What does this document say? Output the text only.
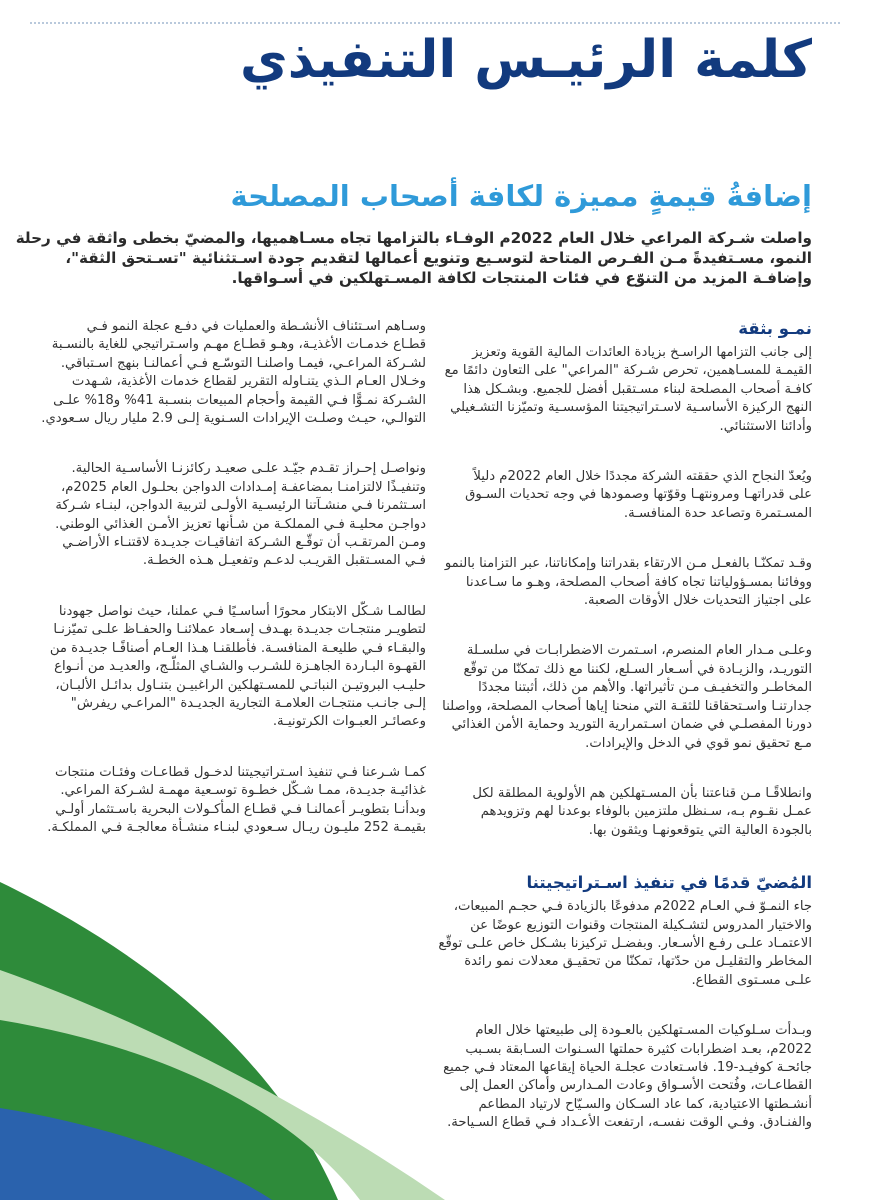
كلمة الرئيـس التنفيذي
إضافةُ قيمةٍ مميزة لكافة أصحاب المصلحة

واصلت شـركة المراعي خلال العام 2022م الوفـاء بالتزامها تجاه مسـاهميها، والمضيّ بخطى واثقة في رحلة
النمو، مسـتفيدةً مـن الفـرص المتاحة لتوسـيع وتنويع أعمالها لتقديم جودة اسـتثنائية "تسـتحق الثقة"،
وإضافـة المزيد من التنوّع في فئات المنتجات لكافة المسـتهلكين في أسـواقها.

نمـو بثقة

إلى جانب التزامها الراسـخ بزيادة العائدات المالية القوية وتعزيز
القيمـة للمسـاهمين، تحرص شـركة "المراعي" على التعاون دائمًا مع
كافـة أصحاب المصلحة لبناء مسـتقبل أفضل للجميع. وبشـكل هذا
النهج الركيزة الأساسـية لاسـتراتيجيتنا المؤسسـية وتميّزنا التشـغيلي
وأدائنا الاستثنائي.

ويُعدّ النجاح الذي حققته الشركة مجددًا خلال العام 2022م دليلاً
على قدراتهـا ومرونتهـا وقوّتها وصمودها في وجه تحديات السـوق
المسـتمرة وتصاعد حدة المنافسـة.

وقـد تمكنّـا بالفعـل مـن الارتقاء بقدراتنا وإمكاناتنا، عبر التزامنا بالنمو
ووفائنا بمسـؤولياتنا تجاه كافة أصحاب المصلحة، وهـو ما سـاعدنا
على اجتياز التحديات خلال الأوقات الصعبة.

وعلـى مـدار العام المنصرم، اسـتمرت الاضطرابـات في سلسـلة
التوريـد، والزيـادة في أسـعار السـلع، لكننا مع ذلك تمكنّا من توقّع
المخاطـر والتخفيـف مـن تأثيراتها. والأهم من ذلك، أثبتنا مجددًا
جدارتنـا واسـتحقاقنا للثقـة التي منحنا إياها أصحاب المصلحة، وواصلنا
دورنا المفصلـي في ضمان اسـتمرارية التوريد وحماية الأمن الغذائي
مـع تحقيق نمو قوي في الدخل والإيرادات.

وانطلاقًـا مـن قناعتنا بأن المسـتهلكين هم الأولوية المطلقة لكل
عمـل نقـوم بـه، سـنظل ملتزمين بالوفاء بوعدنا لهم وتزويدهم
بالجودة العالية التي يتوقعونهـا ويثقون بها.

المُضيّ قدمًا في تنفيذ اسـتراتيجيتنا

جاء النمـوّ فـي العـام 2022م مدفوعًا بالزيادة فـي حجـم المبيعات،
والاختيار المدروس لتشـكيلة المنتجات وقنوات التوزيع عوضًا عن
الاعتمـاد علـى رفـع الأسـعار. وبفضـل تركيزنا بشـكل خاص علـى توقّع
المخاطر والتقليـل من حدّتها، تمكنّا من تحقيـق معدلات نمو رائدة
علـى مسـتوى القطاع.

وبـدأت سـلوكيات المسـتهلكين بالعـودة إلى طبيعتها خلال العام
2022م، بعـد اضطرابات كثيرة حملتها السـنوات السـابقة بسـبب
جائحـة كوفيـد-19. فاسـتعادت عجلـة الحياة إيقاعها المعتاد فـي جميع
القطاعـات، وفُتحت الأسـواق وعادت المـدارس وأماكن العمل إلى
أنشـطتها الاعتيادية، كما عاد السـكان والسـيّاح لارتياد المطاعم
والفنـادق. وفـي الوقت نفسـه، ارتفعت الأعـداد فـي قطاع السـياحة.

وسـاهم اسـتئناف الأنشـطة والعمليات في دفـع عجلة النمو فـي
قطـاع خدمـات الأغذيـة، وهـو قطـاع مهـم واسـتراتيجي للغاية بالنسـبة
لشـركة المراعـي، فيمـا واصلنـا التوسّـع فـي أعمالنـا بنهج اسـتباقي.
وخـلال العـام الـذي يتنـاوله التقرير لقطاع خدمات الأغذية، شـهدت
الشـركة نمـوًّا فـي القيمة وأحجام المبيعات بنسـبة 41% و18% علـى
التوالـي، حيـث وصلـت الإيرادات السـنوية إلـى 2.9 مليار ريال سـعودي.

ونواصـل إحـراز تقـدم جيّـد علـى صعيـد ركائزنـا الأساسـية الحالية.
وتنفيـذًا لالتزامنـا بمضاعفـة إمـدادات الدواجن بحلـول العام 2025م،
اسـتثمرنا فـي منشـآتنا الرئيسـية الأولـى لتربية الدواجن، لبنـاء شـركة
دواجـن محليـة فـي المملكـة من شـأنها تعزيز الأمـن الغذائي الوطني.
ومـن المرتقـب أن توقّـع الشـركة اتفاقيـات جديـدة لاقتنـاء الأراضـي
فـي المسـتقبل القريـب لدعـم وتفعيـل هـذه الخطـة.

لطالمـا شـكّل الابتكار محورًا أساسـيًا فـي عملنا، حيث نواصل جهودنا
لتطويـر منتجـات جديـدة بهـدف إسـعاد عملائنـا والحفـاظ علـى تميّزنـا
والبقـاء فـي طليعـة المنافسـة. فأطلقنـا هـذا العـام أصنافًـا جديـدة من
القهـوة البـاردة الجاهـزة للشـرب والشـاي المثلّـج، والعديـد من أنـواع
حليـب البروتيـن النباتـي للمسـتهلكين الراغبيـن بتنـاول بدائـل الألبـان،
إلـى جانـب منتجـات العلامـة التجارية الجديـدة "المراعـي ريفرش"
وعصائـر العبـوات الكرتونيـة.

كمـا شـرعنا فـي تنفيذ اسـتراتيجيتنا لدخـول قطاعـات وفئـات منتجات
غذائيـة جديـدة، ممـا شـكّل خطـوة توسـعية مهمـة لشـركة المراعي.
وبدأنـا بتطويـر أعمالنـا فـي قطـاع المأكـولات البحرية باسـتثمار أولـي
بقيمـة 252 مليـون ريـال سـعودي لبنـاء منشـأة معالجـة فـي المملكـة.
